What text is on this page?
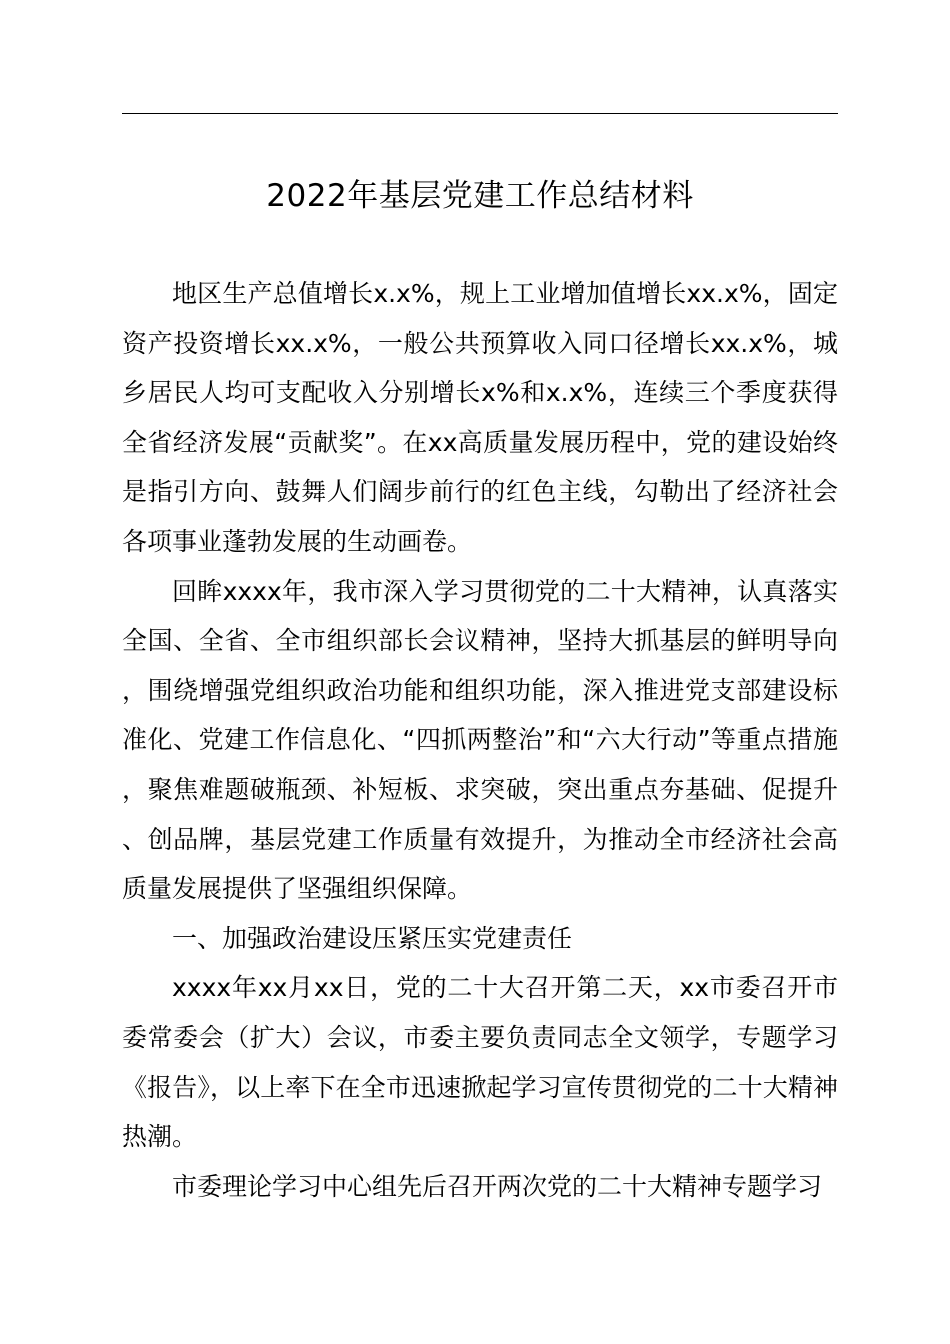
2022年基层党建工作总结材料

地区生产总值增长x.x%，规上工业增加值增长xx.x%，固定资产投资增长xx.x%，一般公共预算收入同口径增长xx.x%，城乡居民人均可支配收入分别增长x%和x.x%，连续三个季度获得全省经济发展“贡献奖”。在xx高质量发展历程中，党的建设始终是指引方向、鼓舞人们阔步前行的红色主线，勾勒出了经济社会各项事业蓬勃发展的生动画卷。

回眸xxxx年，我市深入学习贯彻党的二十大精神，认真落实全国、全省、全市组织部长会议精神，坚持大抓基层的鲜明导向，围绕增强党组织政治功能和组织功能，深入推进党支部建设标准化、党建工作信息化、“四抓两整治”和“六大行动”等重点措施，聚焦难题破瓶颈、补短板、求突破，突出重点夯基础、促提升、创品牌，基层党建工作质量有效提升，为推动全市经济社会高质量发展提供了坚强组织保障。

一、加强政治建设压紧压实党建责任

xxxx年xx月xx日，党的二十大召开第二天，xx市委召开市委常委会（扩大）会议，市委主要负责同志全文领学，专题学习《报告》，以上率下在全市迅速掀起学习宣传贯彻党的二十大精神热潮。

市委理论学习中心组先后召开两次党的二十大精神专题学习
